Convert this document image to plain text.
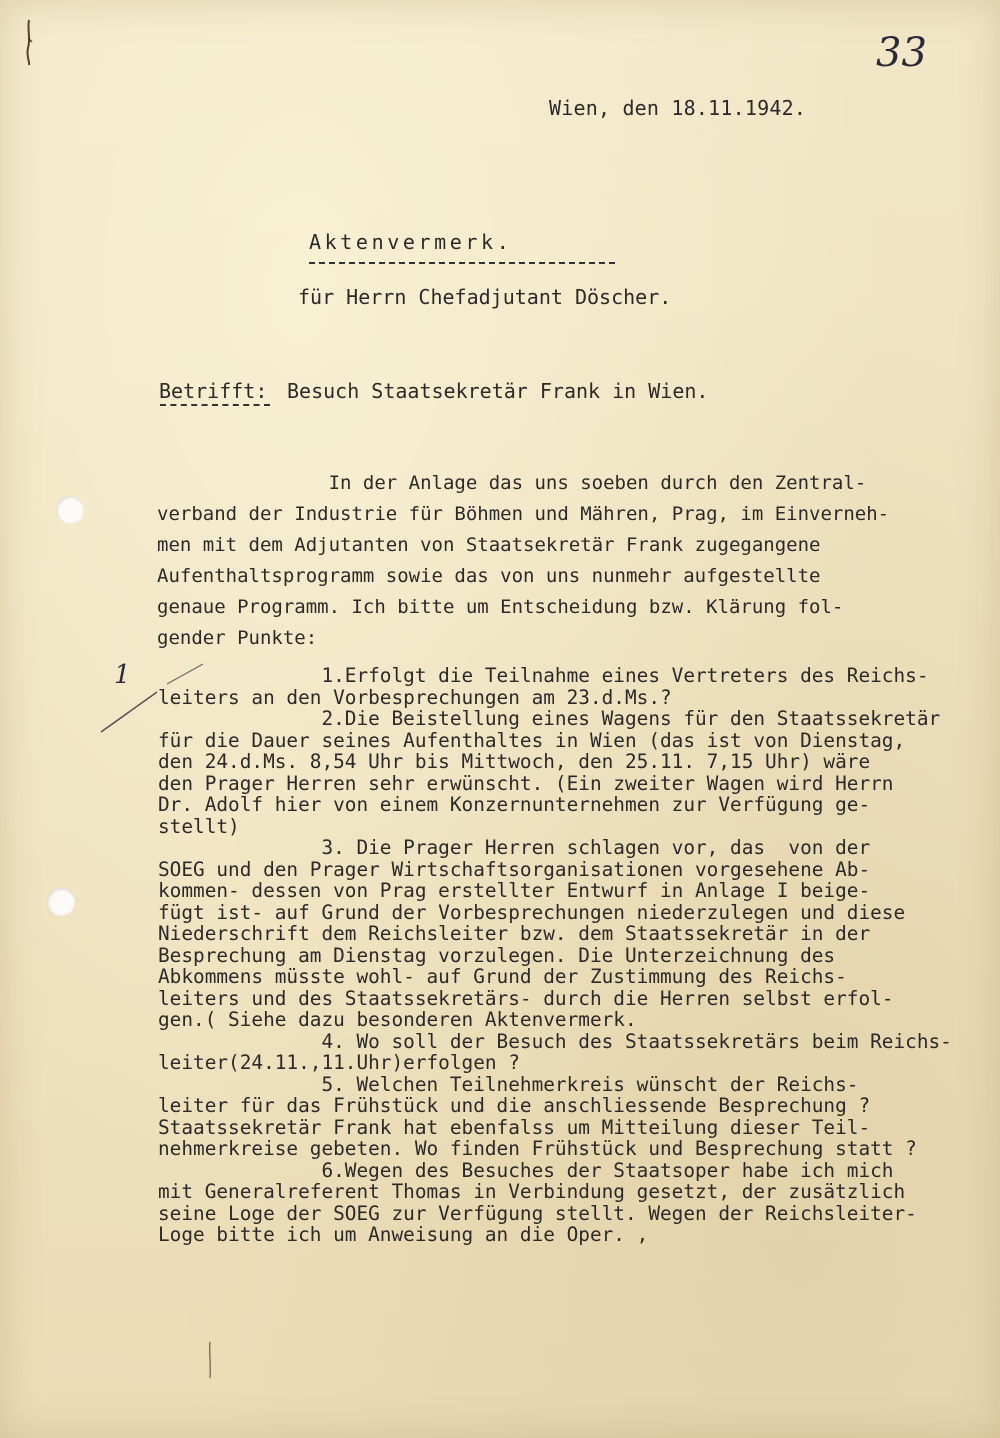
33

Wien, den 18.11.1942.

Aktenvermerk.

für Herrn Chefadjutant Döscher.

Betrifft: Besuch Staatsekretär Frank in Wien.

In der Anlage das uns soeben durch den Zentral-
verband der Industrie für Böhmen und Mähren, Prag, im Einverneh-
men mit dem Adjutanten von Staatsekretär Frank zugegangene
Aufenthaltsprogramm sowie das von uns nunmehr aufgestellte
genaue Programm. Ich bitte um Entscheidung bzw. Klärung fol-
gender Punkte:

1	1.Erfolgt die Teilnahme eines Vertreters des Reichs-
leiters an den Vorbesprechungen am 23.d.Ms.?
2.Die Beistellung eines Wagens für den Staatssekretär
für die Dauer seines Aufenthaltes in Wien (das ist von Dienstag,
den 24.d.Ms. 8,54 Uhr bis Mittwoch, den 25.11. 7,15 Uhr) wäre
den Prager Herren sehr erwünscht. (Ein zweiter Wagen wird Herrn
Dr. Adolf hier von einem Konzernunternehmen zur Verfügung ge-
stellt)
3. Die Prager Herren schlagen vor, das  von der
SOEG und den Prager Wirtschaftsorganisationen vorgesehene Ab-
kommen- dessen von Prag erstellter Entwurf in Anlage I beige-
fügt ist- auf Grund der Vorbesprechungen niederzulegen und diese
Niederschrift dem Reichsleiter bzw. dem Staatssekretär in der
Besprechung am Dienstag vorzulegen. Die Unterzeichnung des
Abkommens müsste wohl- auf Grund der Zustimmung des Reichs-
leiters und des Staatssekretärs- durch die Herren selbst erfol-
gen.( Siehe dazu besonderen Aktenvermerk.
4. Wo soll der Besuch des Staatssekretärs beim Reichs-
leiter(24.11.,11.Uhr)erfolgen ?
5. Welchen Teilnehmerkreis wünscht der Reichs-
leiter für das Frühstück und die anschliessende Besprechung ?
Staatssekretär Frank hat ebenfalss um Mitteilung dieser Teil-
nehmerkreise gebeten. Wo finden Frühstück und Besprechung statt ?
6.Wegen des Besuches der Staatsoper habe ich mich
mit Generalreferent Thomas in Verbindung gesetzt, der zusätzlich
seine Loge der SOEG zur Verfügung stellt. Wegen der Reichsleiter-
Loge bitte ich um Anweisung an die Oper. ,
